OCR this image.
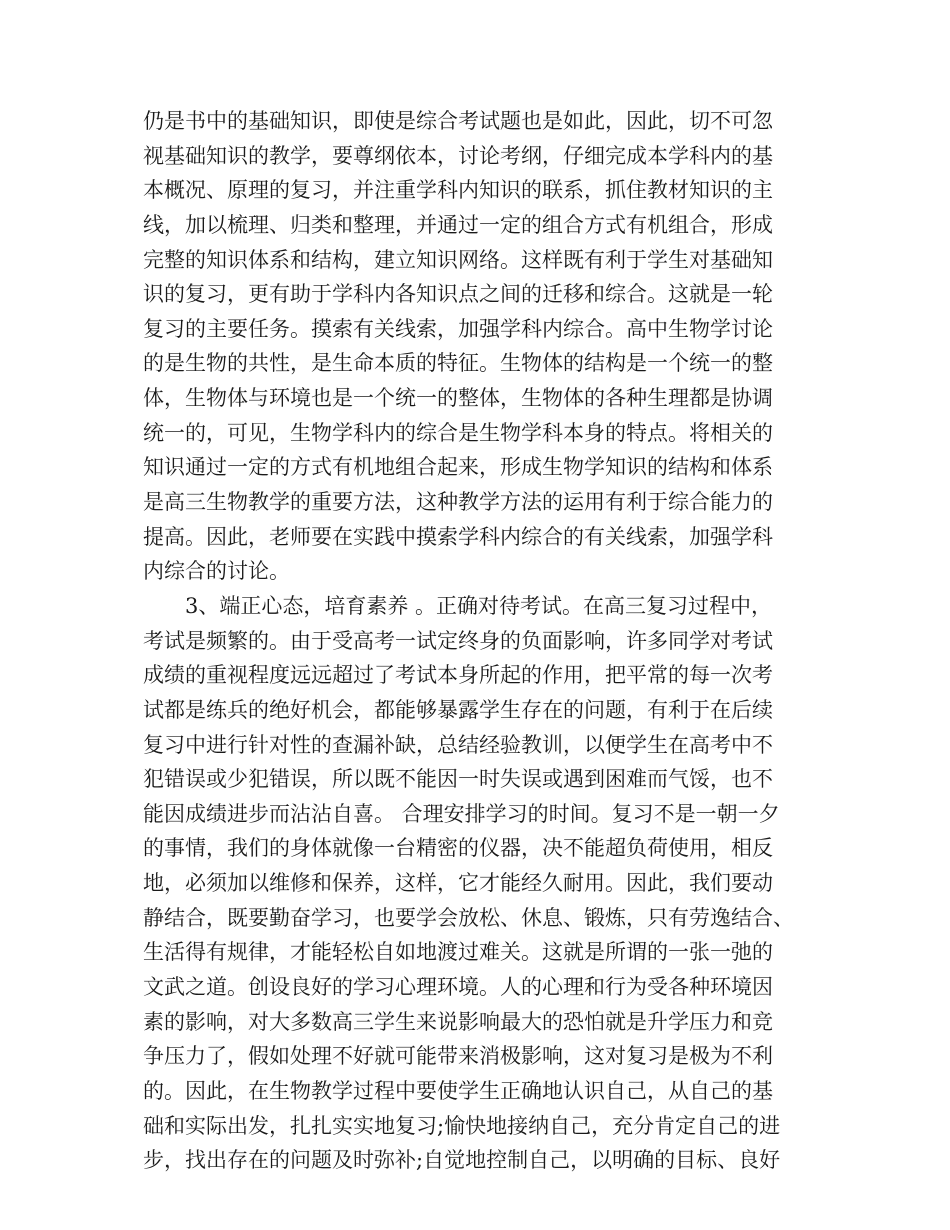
仍是书中的基础知识，即使是综合考试题也是如此，因此，切不可忽
视基础知识的教学，要尊纲依本，讨论考纲，仔细完成本学科内的基
本概况、原理的复习，并注重学科内知识的联系，抓住教材知识的主
线，加以梳理、归类和整理，并通过一定的组合方式有机组合，形成
完整的知识体系和结构，建立知识网络。这样既有利于学生对基础知
识的复习，更有助于学科内各知识点之间的迁移和综合。这就是一轮
复习的主要任务。摸索有关线索，加强学科内综合。高中生物学讨论
的是生物的共性，是生命本质的特征。生物体的结构是一个统一的整
体，生物体与环境也是一个统一的整体，生物体的各种生理都是协调
统一的，可见，生物学科内的综合是生物学科本身的特点。将相关的
知识通过一定的方式有机地组合起来，形成生物学知识的结构和体系
是高三生物教学的重要方法，这种教学方法的运用有利于综合能力的
提高。因此，老师要在实践中摸索学科内综合的有关线索，加强学科
内综合的讨论。
3、端正心态，培育素养 。正确对待考试。在高三复习过程中，
考试是频繁的。由于受高考一试定终身的负面影响，许多同学对考试
成绩的重视程度远远超过了考试本身所起的作用，把平常的每一次考
试都是练兵的绝好机会，都能够暴露学生存在的问题，有利于在后续
复习中进行针对性的查漏补缺，总结经验教训，以便学生在高考中不
犯错误或少犯错误，所以既不能因一时失误或遇到困难而气馁，也不
能因成绩进步而沾沾自喜。 合理安排学习的时间。复习不是一朝一夕
的事情，我们的身体就像一台精密的仪器，决不能超负荷使用，相反
地，必须加以维修和保养，这样，它才能经久耐用。因此，我们要动
静结合，既要勤奋学习，也要学会放松、休息、锻炼，只有劳逸结合、
生活得有规律，才能轻松自如地渡过难关。这就是所谓的一张一弛的
文武之道。创设良好的学习心理环境。人的心理和行为受各种环境因
素的影响，对大多数高三学生来说影响最大的恐怕就是升学压力和竞
争压力了，假如处理不好就可能带来消极影响，这对复习是极为不利
的。因此，在生物教学过程中要使学生正确地认识自己，从自己的基
础和实际出发，扎扎实实地复习;愉快地接纳自己，充分肯定自己的进
步，找出存在的问题及时弥补;自觉地控制自己，以明确的目标、良好
